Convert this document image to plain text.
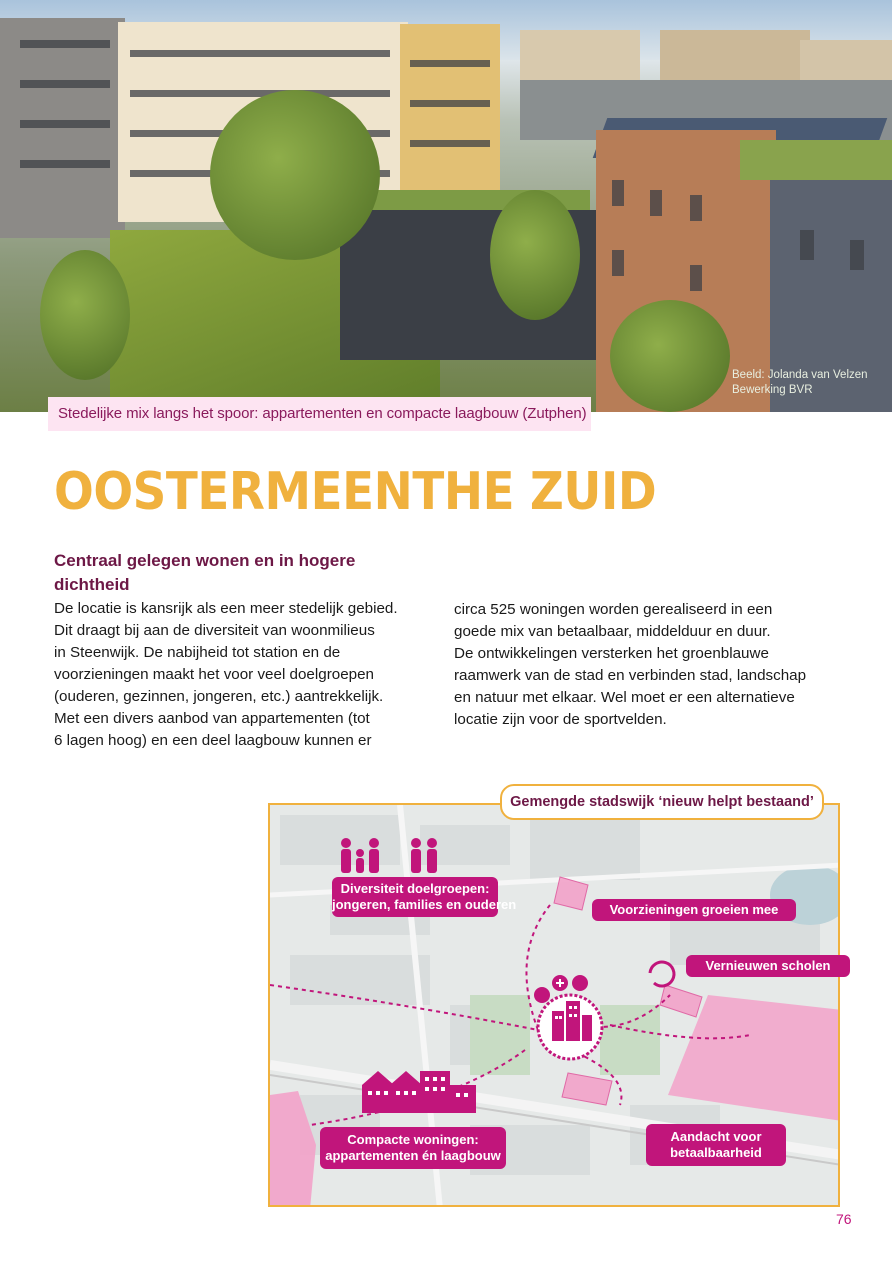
Beeld: Jolanda van Velzen
Bewerking BVR
Stedelijke mix langs het spoor: appartementen en compacte laagbouw (Zutphen)
OOSTERMEENTHE ZUID
Centraal gelegen wonen en in hogere dichtheid

De locatie is kansrijk als een meer stedelijk gebied.

Dit draagt bij aan de diversiteit van woonmilieus

in Steenwijk. De nabijheid tot station en de

voorzieningen maakt het voor veel doelgroepen

(ouderen, gezinnen, jongeren, etc.) aantrekkelijk.

Met een divers aanbod van appartementen (tot

6 lagen hoog) en een deel laagbouw kunnen er

circa 525 woningen worden gerealiseerd in een

goede mix van betaalbaar, middelduur en duur.

De ontwikkelingen versterken het groenblauwe

raamwerk van de stad en verbinden stad, landschap

en natuur met elkaar. Wel moet er een alternatieve

locatie zijn voor de sportvelden.

Gemengde stadswijk ‘nieuw helpt bestaand’
Diversiteit doelgroepen:
jongeren, families en ouderen	Voorzieningen groeien mee
Vernieuwen scholen
Compacte woningen:
appartementen én laagbouw
Aandacht voor
betaalbaarheid
76
